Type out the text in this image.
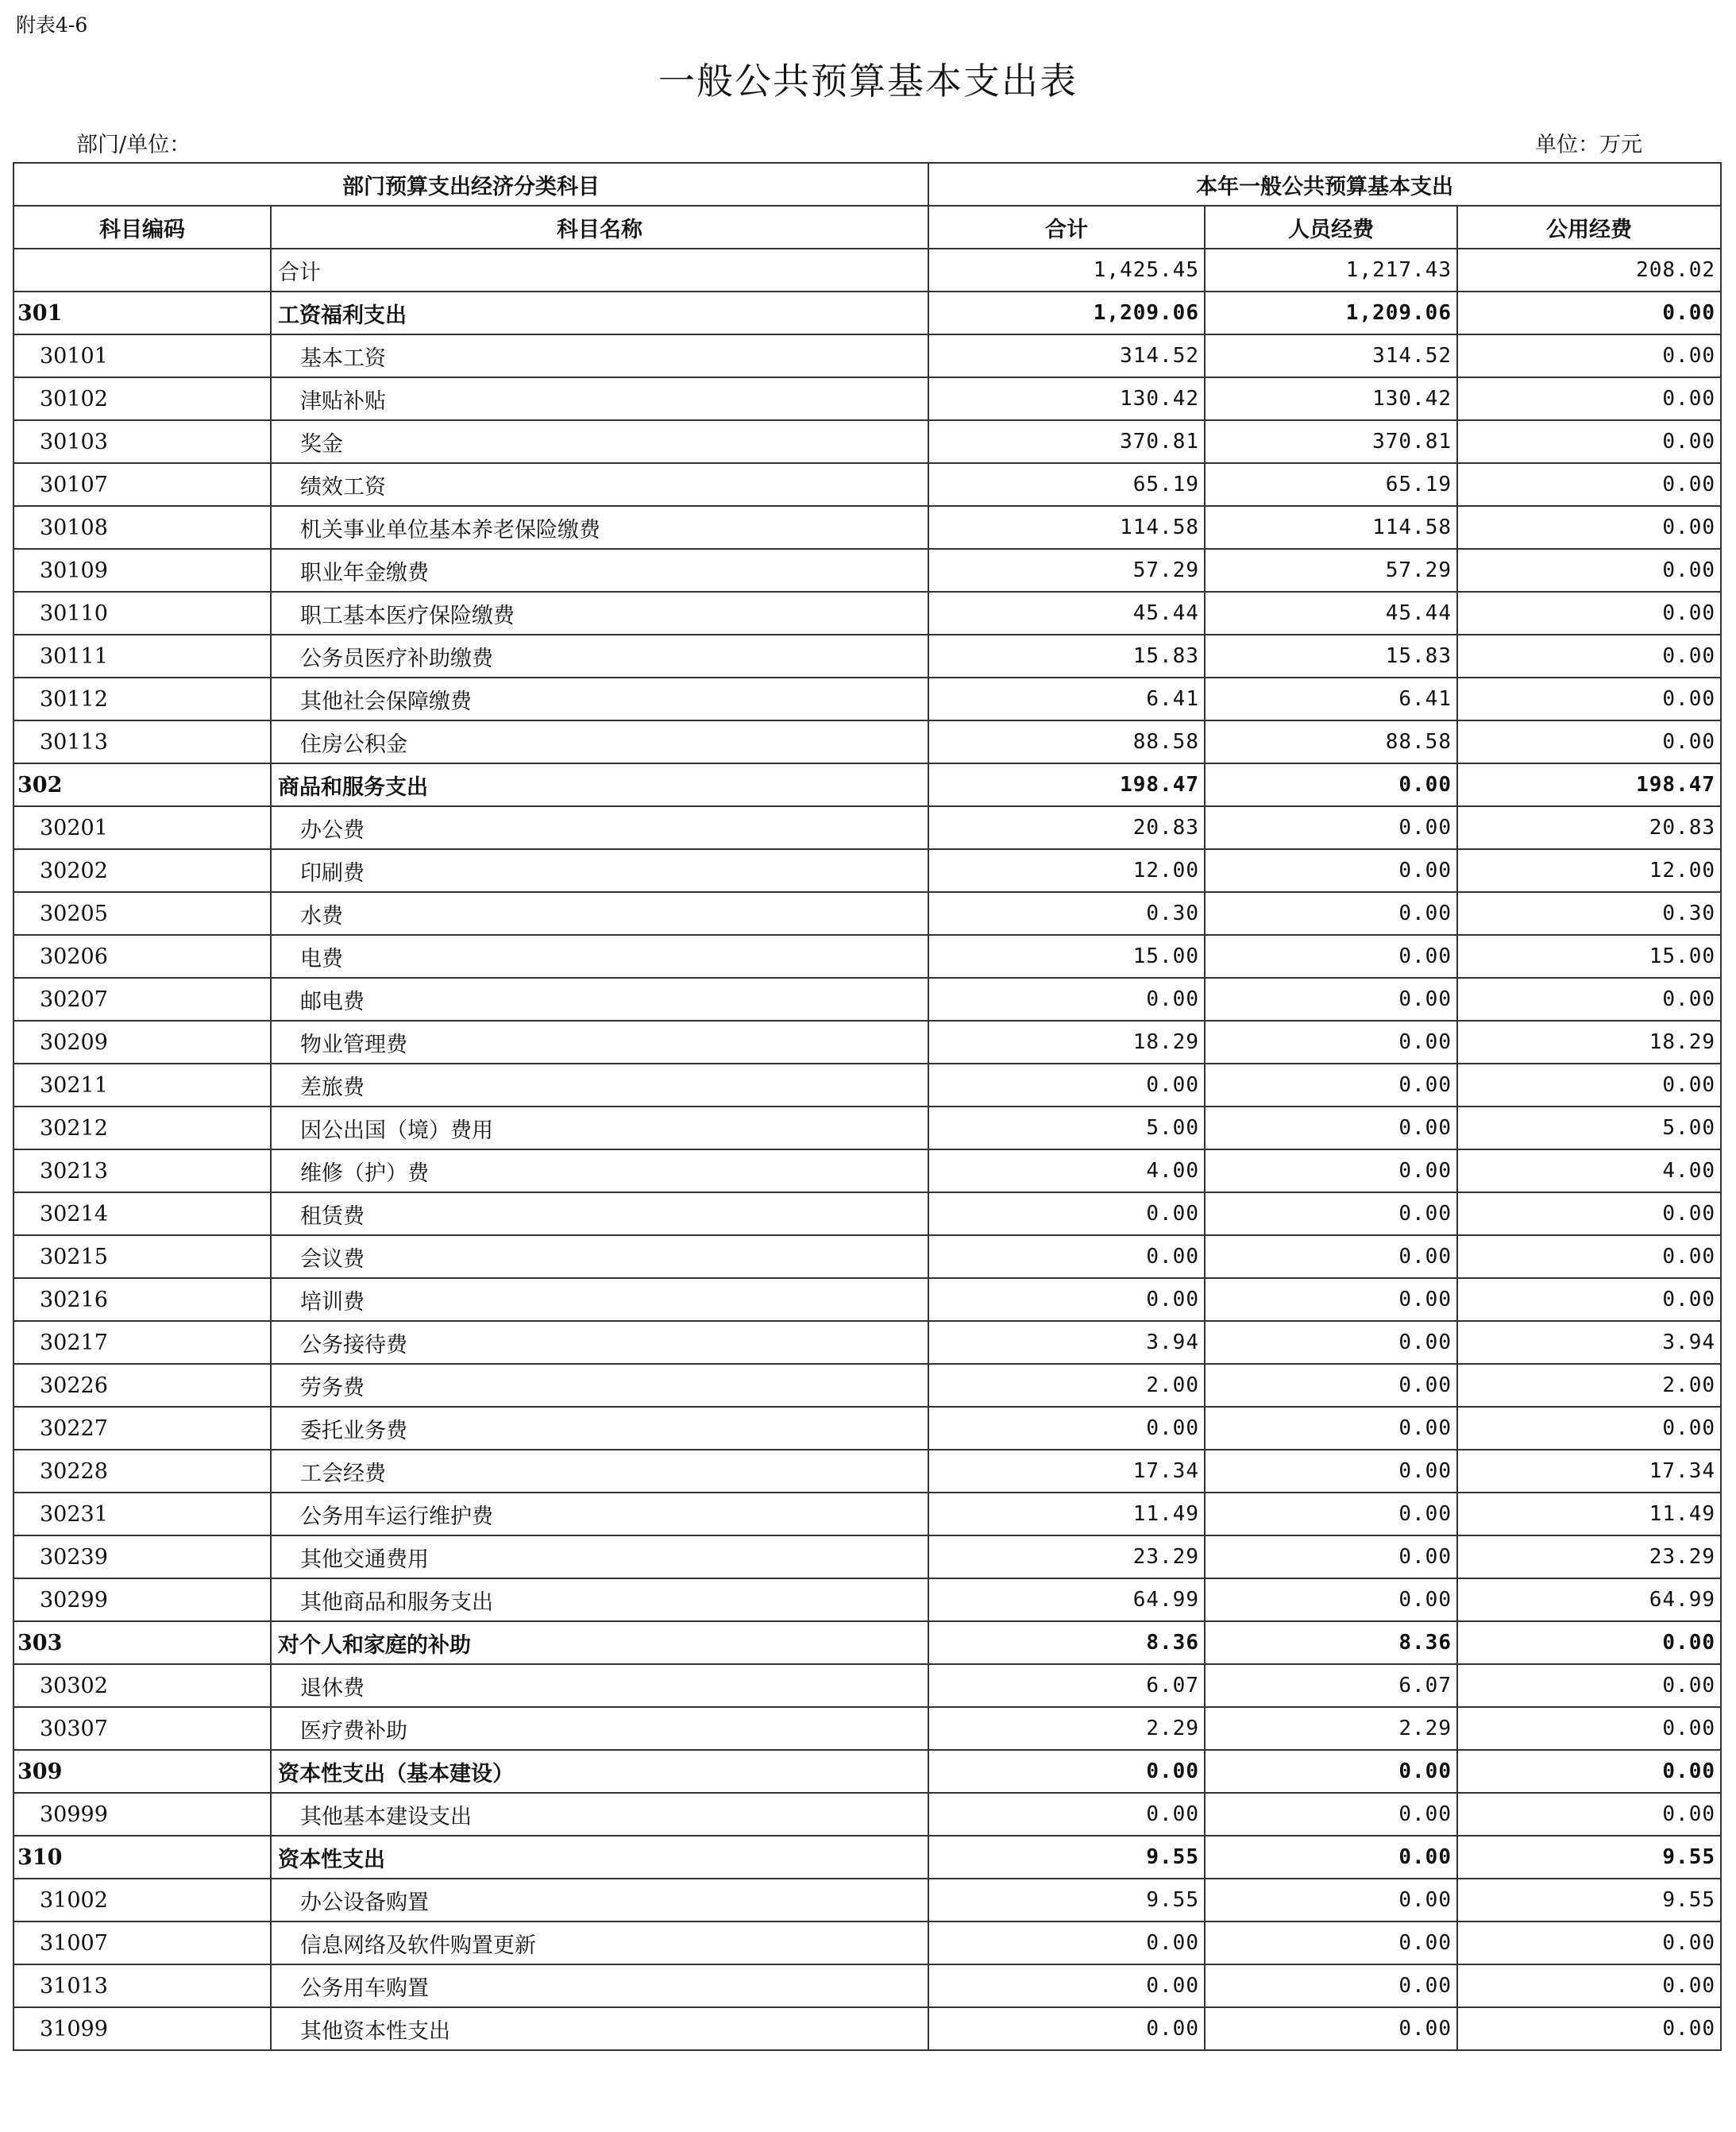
附表4-6
一般公共预算基本支出表
部门/单位：	单位：万元
部门预算支出经济分类科目		本年一般公共预算基本支出		
科目编码	科目名称	合计	人员经费	公用经费
	合计	1,425.45	1,217.43	208.02
301	工资福利支出	1,209.06	1,209.06	0.00
30101	基本工资	314.52	314.52	0.00
30102	津贴补贴	130.42	130.42	0.00
30103	奖金	370.81	370.81	0.00
30107	绩效工资	65.19	65.19	0.00
30108	机关事业单位基本养老保险缴费	114.58	114.58	0.00
30109	职业年金缴费	57.29	57.29	0.00
30110	职工基本医疗保险缴费	45.44	45.44	0.00
30111	公务员医疗补助缴费	15.83	15.83	0.00
30112	其他社会保障缴费	6.41	6.41	0.00
30113	住房公积金	88.58	88.58	0.00
302	商品和服务支出	198.47	0.00	198.47
30201	办公费	20.83	0.00	20.83
30202	印刷费	12.00	0.00	12.00
30205	水费	0.30	0.00	0.30
30206	电费	15.00	0.00	15.00
30207	邮电费	0.00	0.00	0.00
30209	物业管理费	18.29	0.00	18.29
30211	差旅费	0.00	0.00	0.00
30212	因公出国（境）费用	5.00	0.00	5.00
30213	维修（护）费	4.00	0.00	4.00
30214	租赁费	0.00	0.00	0.00
30215	会议费	0.00	0.00	0.00
30216	培训费	0.00	0.00	0.00
30217	公务接待费	3.94	0.00	3.94
30226	劳务费	2.00	0.00	2.00
30227	委托业务费	0.00	0.00	0.00
30228	工会经费	17.34	0.00	17.34
30231	公务用车运行维护费	11.49	0.00	11.49
30239	其他交通费用	23.29	0.00	23.29
30299	其他商品和服务支出	64.99	0.00	64.99
303	对个人和家庭的补助	8.36	8.36	0.00
30302	退休费	6.07	6.07	0.00
30307	医疗费补助	2.29	2.29	0.00
309	资本性支出（基本建设）	0.00	0.00	0.00
30999	其他基本建设支出	0.00	0.00	0.00
310	资本性支出	9.55	0.00	9.55
31002	办公设备购置	9.55	0.00	9.55
31007	信息网络及软件购置更新	0.00	0.00	0.00
31013	公务用车购置	0.00	0.00	0.00
31099	其他资本性支出	0.00	0.00	0.00
